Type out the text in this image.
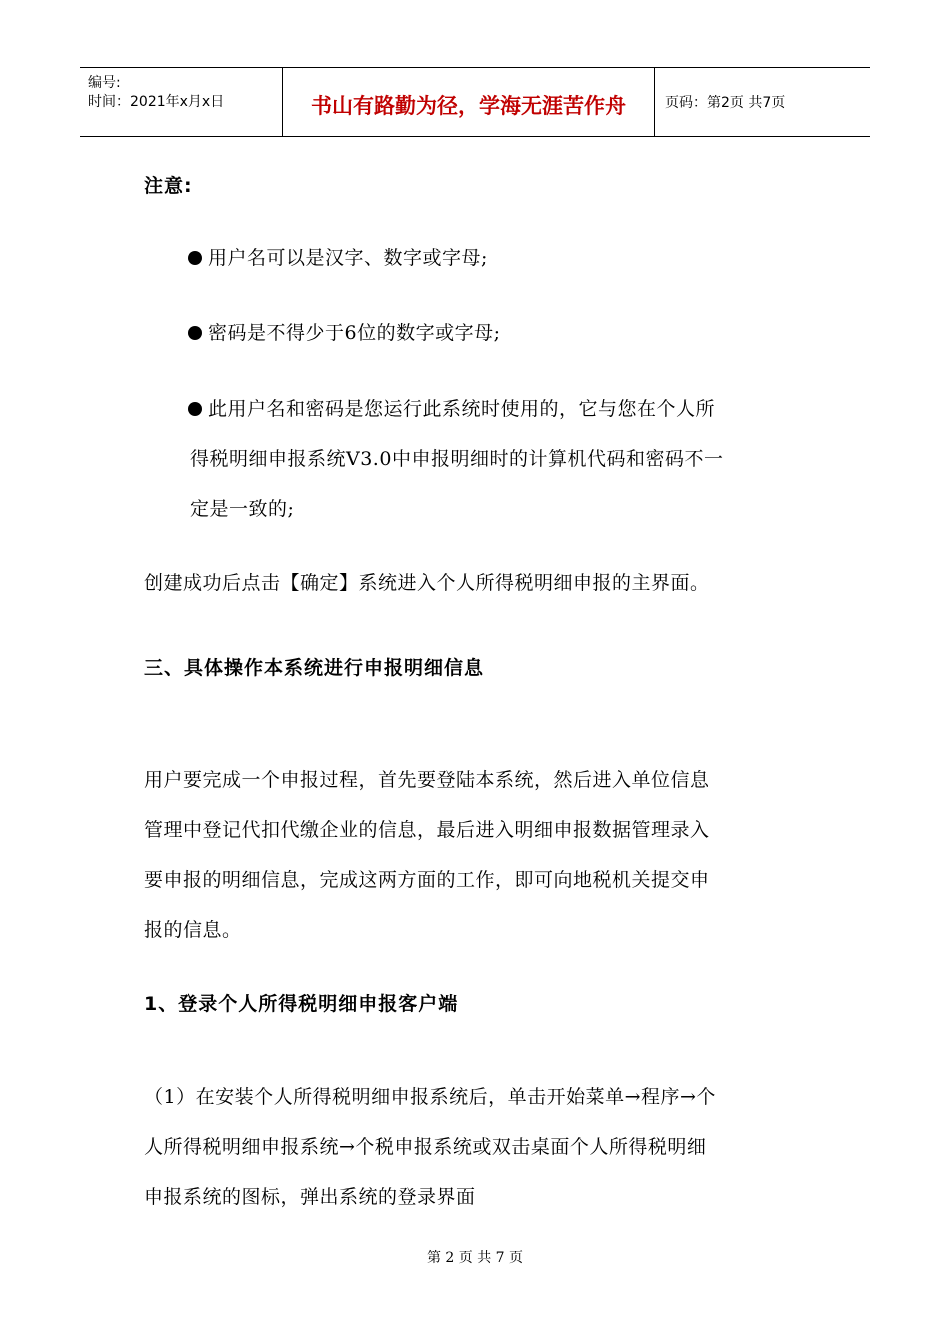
编号:
时间：2021年x月x日	书山有路勤为径，学海无涯苦作舟	页码：第2页 共7页
注意:
用户名可以是汉字、数字或字母;
密码是不得少于6位的数字或字母;
此用户名和密码是您运行此系统时使用的，它与您在个人所
得税明细申报系统V3.0中申报明细时的计算机代码和密码不一
定是一致的;
创建成功后点击【确定】系统进入个人所得税明细申报的主界面。
三、具体操作本系统进行申报明细信息
用户要完成一个申报过程，首先要登陆本系统，然后进入单位信息
管理中登记代扣代缴企业的信息，最后进入明细申报数据管理录入
要申报的明细信息，完成这两方面的工作，即可向地税机关提交申
报的信息。
1、登录个人所得税明细申报客户端
（1）在安装个人所得税明细申报系统后，单击开始菜单→程序→个
人所得税明细申报系统→个税申报系统或双击桌面个人所得税明细
申报系统的图标，弹出系统的登录界面
第 2 页 共 7 页
